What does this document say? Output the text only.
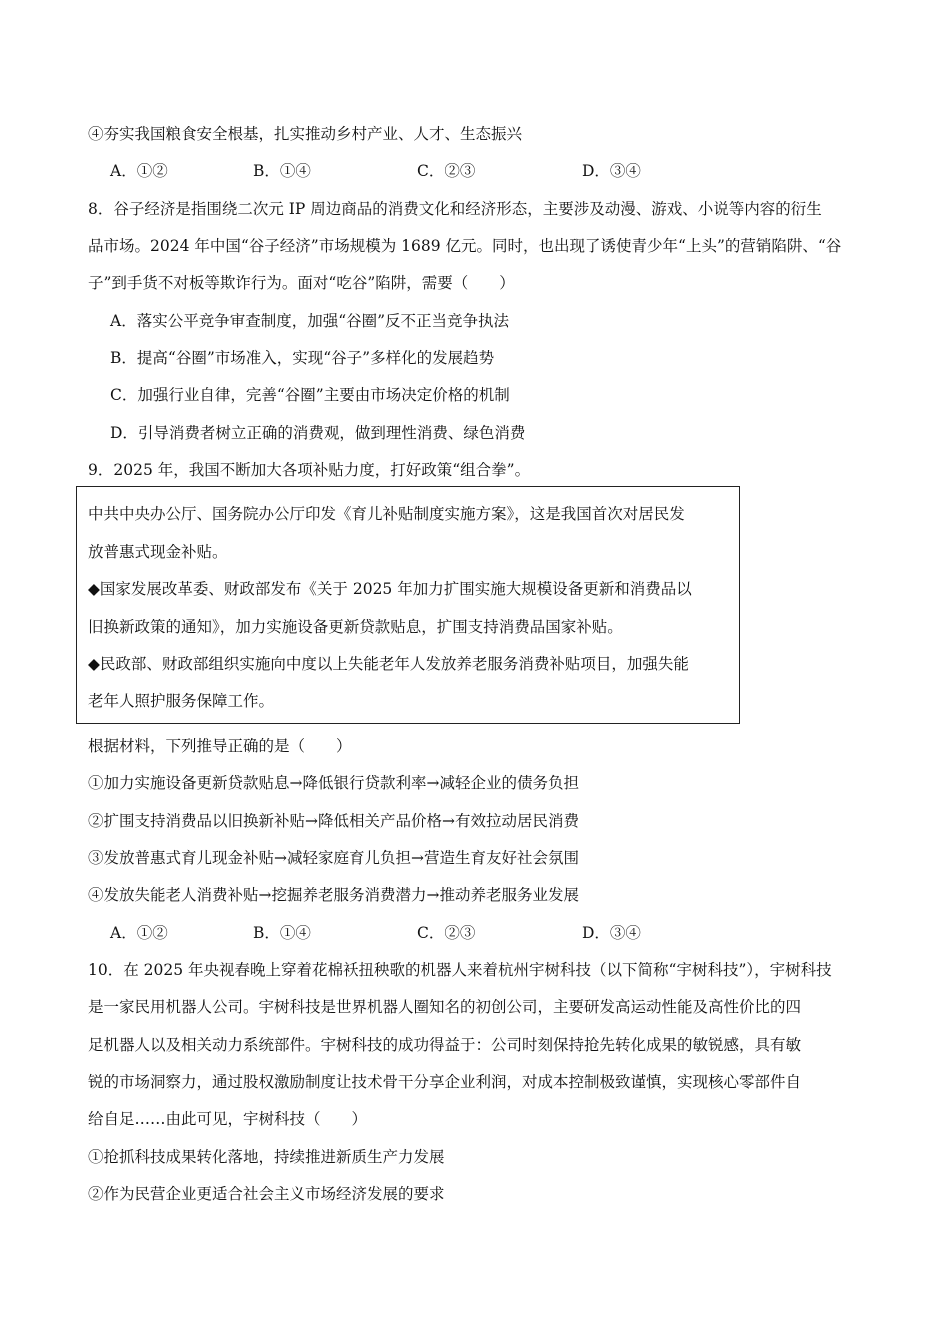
④夯实我国粮食安全根基，扎实推动乡村产业、人才、生态振兴
A．①②	B．①④	C．②③	D．③④
8．谷子经济是指围绕二次元 IP 周边商品的消费文化和经济形态，主要涉及动漫、游戏、小说等内容的衍生
品市场。2024 年中国“谷子经济”市场规模为 1689 亿元。同时，也出现了诱使青少年“上头”的营销陷阱、“谷
子”到手货不对板等欺诈行为。面对“吃谷”陷阱，需要（　　）
A．落实公平竞争审查制度，加强“谷圈”反不正当竞争执法
B．提高“谷圈”市场准入，实现“谷子”多样化的发展趋势
C．加强行业自律，完善“谷圈”主要由市场决定价格的机制
D．引导消费者树立正确的消费观，做到理性消费、绿色消费
9．2025 年，我国不断加大各项补贴力度，打好政策“组合拳”。
中共中央办公厅、国务院办公厅印发《育儿补贴制度实施方案》，这是我国首次对居民发
放普惠式现金补贴。
◆国家发展改革委、财政部发布《关于 2025 年加力扩围实施大规模设备更新和消费品以
旧换新政策的通知》，加力实施设备更新贷款贴息，扩围支持消费品国家补贴。
◆民政部、财政部组织实施向中度以上失能老年人发放养老服务消费补贴项目，加强失能
老年人照护服务保障工作。
根据材料，下列推导正确的是（　　）
①加力实施设备更新贷款贴息→降低银行贷款利率→减轻企业的债务负担
②扩围支持消费品以旧换新补贴→降低相关产品价格→有效拉动居民消费
③发放普惠式育儿现金补贴→减轻家庭育儿负担→营造生育友好社会氛围
④发放失能老人消费补贴→挖掘养老服务消费潜力→推动养老服务业发展
A．①②	B．①④	C．②③	D．③④
10．在 2025 年央视春晚上穿着花棉袄扭秧歌的机器人来着杭州宇树科技（以下简称“宇树科技”），宇树科技
是一家民用机器人公司。宇树科技是世界机器人圈知名的初创公司，主要研发高运动性能及高性价比的四
足机器人以及相关动力系统部件。宇树科技的成功得益于：公司时刻保持抢先转化成果的敏锐感，具有敏
锐的市场洞察力，通过股权激励制度让技术骨干分享企业利润，对成本控制极致谨慎，实现核心零部件自
给自足……由此可见，宇树科技（　　）
①抢抓科技成果转化落地，持续推进新质生产力发展
②作为民营企业更适合社会主义市场经济发展的要求
